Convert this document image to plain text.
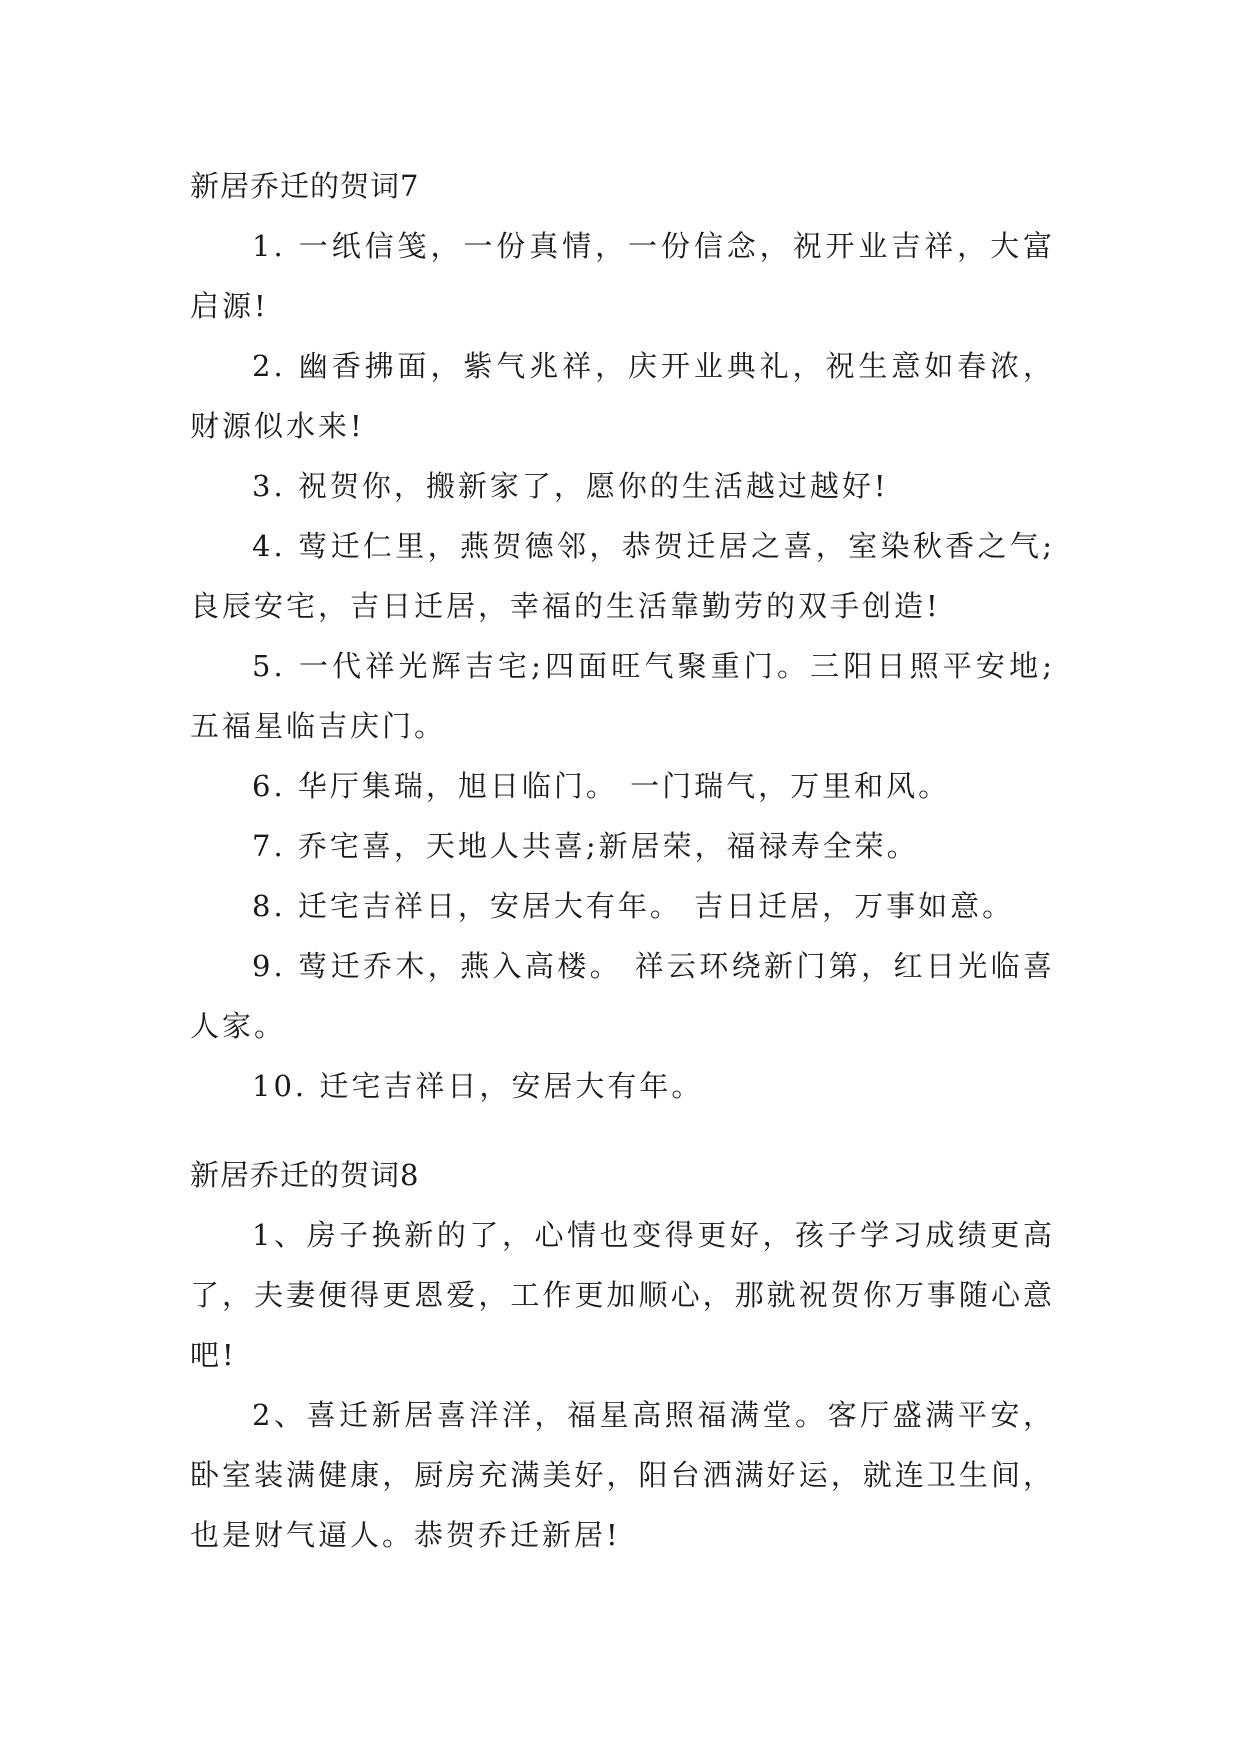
新居乔迁的贺词7

1. 一纸信笺，一份真情，一份信念，祝开业吉祥，大富启源!

2. 幽香拂面，紫气兆祥，庆开业典礼，祝生意如春浓，财源似水来!

3. 祝贺你，搬新家了，愿你的生活越过越好!

4. 莺迁仁里，燕贺德邻，恭贺迁居之喜，室染秋香之气;良辰安宅，吉日迁居，幸福的生活靠勤劳的双手创造!

5. 一代祥光辉吉宅;四面旺气聚重门。三阳日照平安地;五福星临吉庆门。

6. 华厅集瑞，旭日临门。 一门瑞气，万里和风。

7. 乔宅喜，天地人共喜;新居荣，福禄寿全荣。

8. 迁宅吉祥日，安居大有年。 吉日迁居，万事如意。

9. 莺迁乔木，燕入高楼。 祥云环绕新门第，红日光临喜人家。

10. 迁宅吉祥日，安居大有年。

新居乔迁的贺词8

1、房子换新的了，心情也变得更好，孩子学习成绩更高了，夫妻便得更恩爱，工作更加顺心，那就祝贺你万事随心意吧!

2、喜迁新居喜洋洋，福星高照福满堂。客厅盛满平安，卧室装满健康，厨房充满美好，阳台洒满好运，就连卫生间，也是财气逼人。恭贺乔迁新居!
